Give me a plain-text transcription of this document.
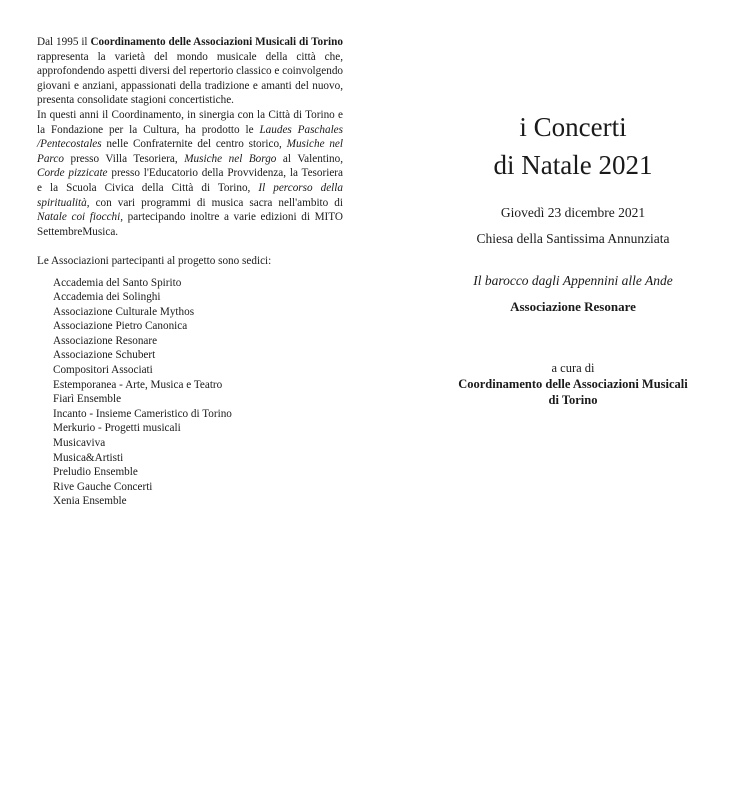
Dal 1995 il Coordinamento delle Associazioni Musicali di Torino rappresenta la varietà del mondo musicale della città che, approfondendo aspetti diversi del repertorio classico e coinvolgendo giovani e anziani, appassionati della tradizione e amanti del nuovo, presenta consolidate stagioni concertistiche.

In questi anni il Coordinamento, in sinergia con la Città di Torino e la Fondazione per la Cultura, ha prodotto le Laudes Paschales /Pentecostales nelle Confraternite del centro storico, Musiche nel Parco presso Villa Tesoriera, Musiche nel Borgo al Valentino, Corde pizzicate presso l'Educatorio della Provvidenza, la Tesoriera e la Scuola Civica della Città di Torino, Il percorso della spiritualità, con vari programmi di musica sacra nell'ambito di Natale coi fiocchi, partecipando inoltre a varie edizioni di MITO SettembreMusica.

Le Associazioni partecipanti al progetto sono sedici:
Accademia del Santo Spirito
Accademia dei Solinghi
Associazione Culturale Mythos
Associazione Pietro Canonica
Associazione Resonare
Associazione Schubert
Compositori Associati
Estemporanea - Arte, Musica e Teatro
Fiarì Ensemble
Incanto - Insieme Cameristico di Torino
Merkurio - Progetti musicali
Musicaviva
Musica&Artisti
Preludio Ensemble
Rive Gauche Concerti
Xenia Ensemble
i Concerti
di Natale 2021
Giovedì 23 dicembre 2021
Chiesa della Santissima Annunziata
Il barocco dagli Appennini alle Ande
Associazione Resonare
a cura di
Coordinamento delle Associazioni Musicali
di Torino
